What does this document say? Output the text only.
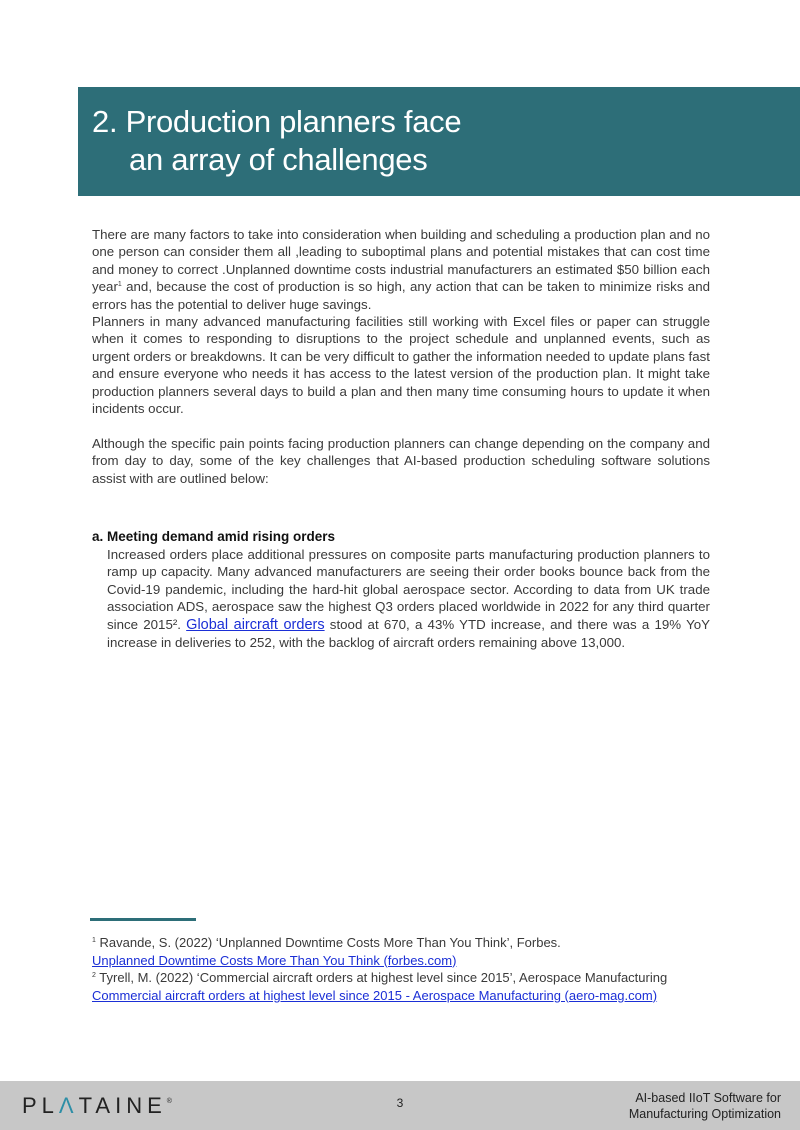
2. Production planners face
an array of challenges

There are many factors to take into consideration when building and scheduling a production plan and no one person can consider them all ,leading to suboptimal plans and potential mistakes that can cost time and money to correct .Unplanned downtime costs industrial manufacturers an estimated $50 billion each year$^1$ and, because the cost of production is so high, any action that can be taken to minimize risks and errors has the potential to deliver huge savings.

Planners in many advanced manufacturing facilities still working with Excel files or paper can struggle when it comes to responding to disruptions to the project schedule and unplanned events, such as urgent orders or breakdowns. It can be very difficult to gather the information needed to update plans fast and ensure everyone who needs it has access to the latest version of the production plan. It might take production planners several days to build a plan and then many time consuming hours to update it when incidents occur.

Although the specific pain points facing production planners can change depending on the company and from day to day, some of the key challenges that AI-based production scheduling software solutions assist with are outlined below:

a. Meeting demand amid rising orders
Increased orders place additional pressures on composite parts manufacturing production planners to ramp up capacity. Many advanced manufacturers are seeing their order books bounce back from the Covid-19 pandemic, including the hard-hit global aerospace sector. According to data from UK trade association ADS, aerospace saw the highest Q3 orders placed worldwide in 2022 for any third quarter since 2015². Global aircraft orders stood at 670, a 43% YTD increase, and there was a 19% YoY increase in deliveries to 252, with the backlog of aircraft orders remaining above 13,000.

$^1$ Ravande, S. (2022) ‘Unplanned Downtime Costs More Than You Think’, Forbes.

Unplanned Downtime Costs More Than You Think (forbes.com)

$^2$ Tyrell, M. (2022) ‘Commercial aircraft orders at highest level since 2015’, Aerospace Manufacturing

Commercial aircraft orders at highest level since 2015 - Aerospace Manufacturing (aero-mag.com)

PLΛTAINE®	3	AI-based IIoT Software for
Manufacturing Optimization
